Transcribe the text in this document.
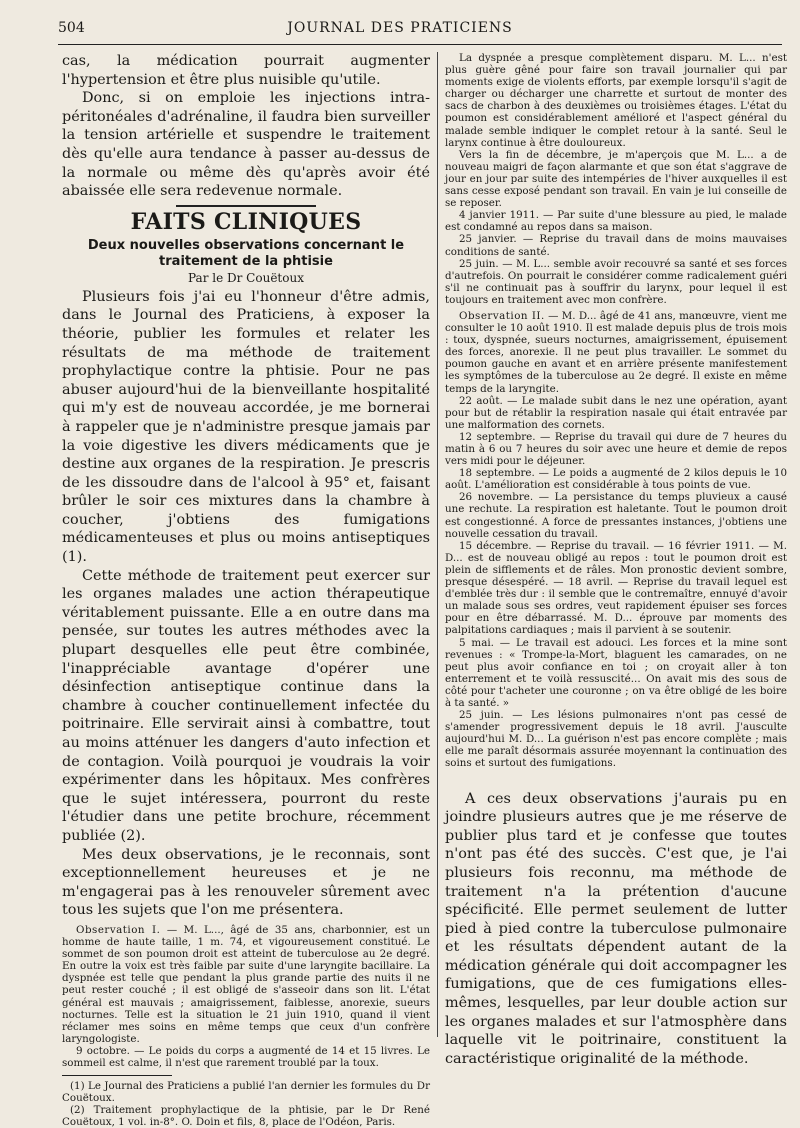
504	JOURNAL DES PRATICIENS

cas, la médication pourrait augmenter l'hypertension et être plus nuisible qu'utile.

Donc, si on emploie les injections intra-péritonéales d'adrénaline, il faudra bien surveiller la tension artérielle et suspendre le traitement dès qu'elle aura tendance à passer au-dessus de la normale ou même dès qu'après avoir été abaissée elle sera redevenue normale.

FAITS CLINIQUES
Deux nouvelles observations concernant le traitement de la phtisie
Par le Dr Couëtoux

Plusieurs fois j'ai eu l'honneur d'être admis, dans le Journal des Praticiens, à exposer la théorie, publier les formules et relater les résultats de ma méthode de traitement prophylactique contre la phtisie. Pour ne pas abuser aujourd'hui de la bienveillante hospitalité qui m'y est de nouveau accordée, je me bornerai à rappeler que je n'administre presque jamais par la voie digestive les divers médicaments que je destine aux organes de la respiration. Je prescris de les dissoudre dans de l'alcool à 95° et, faisant brûler le soir ces mixtures dans la chambre à coucher, j'obtiens des fumigations médicamenteuses et plus ou moins antiseptiques (1).

Cette méthode de traitement peut exercer sur les organes malades une action thérapeutique véritablement puissante. Elle a en outre dans ma pensée, sur toutes les autres méthodes avec la plupart desquelles elle peut être combinée, l'inappréciable avantage d'opérer une désinfection antiseptique continue dans la chambre à coucher continuellement infectée du poitrinaire. Elle servirait ainsi à combattre, tout au moins atténuer les dangers d'auto infection et de contagion. Voilà pourquoi je voudrais la voir expérimenter dans les hôpitaux. Mes confrères que le sujet intéressera, pourront du reste l'étudier dans une petite brochure, récemment publiée (2).

Mes deux observations, je le reconnais, sont exceptionnellement heureuses et je ne m'engagerai pas à les renouveler sûrement avec tous les sujets que l'on me présentera.

Observation I. — M. L..., âgé de 35 ans, charbonnier, est un homme de haute taille, 1 m. 74, et vigoureusement constitué. Le sommet de son poumon droit est atteint de tuberculose au 2e degré. En outre la voix est très faible par suite d'une laryngite bacillaire. La dyspnée est telle que pendant la plus grande partie des nuits il ne peut rester couché ; il est obligé de s'asseoir dans son lit. L'état général est mauvais ; amaigrissement, faiblesse, anorexie, sueurs nocturnes. Telle est la situation le 21 juin 1910, quand il vient réclamer mes soins en même temps que ceux d'un confrère laryngologiste.

9 octobre. — Le poids du corps a augmenté de 14 et 15 livres. Le sommeil est calme, il n'est que rarement troublé par la toux.

(1) Le Journal des Praticiens a publié l'an dernier les formules du Dr Couëtoux.

(2) Traitement prophylactique de la phtisie, par le Dr René Couëtoux, 1 vol. in-8°. O. Doin et fils, 8, place de l'Odéon, Paris.

La dyspnée a presque complètement disparu. M. L... n'est plus guère gêné pour faire son travail journalier qui par moments exige de violents efforts, par exemple lorsqu'il s'agit de charger ou décharger une charrette et surtout de monter des sacs de charbon à des deuxièmes ou troisièmes étages. L'état du poumon est considérablement amélioré et l'aspect général du malade semble indiquer le complet retour à la santé. Seul le larynx continue à être douloureux.

Vers la fin de décembre, je m'aperçois que M. L... a de nouveau maigri de façon alarmante et que son état s'aggrave de jour en jour par suite des intempéries de l'hiver auxquelles il est sans cesse exposé pendant son travail. En vain je lui conseille de se reposer.

4 janvier 1911. — Par suite d'une blessure au pied, le malade est condamné au repos dans sa maison.

25 janvier. — Reprise du travail dans de moins mauvaises conditions de santé.

25 juin. — M. L... semble avoir recouvré sa santé et ses forces d'autrefois. On pourrait le considérer comme radicalement guéri s'il ne continuait pas à souffrir du larynx, pour lequel il est toujours en traitement avec mon confrère.

Observation II. — M. D... âgé de 41 ans, manœuvre, vient me consulter le 10 août 1910. Il est malade depuis plus de trois mois : toux, dyspnée, sueurs nocturnes, amaigrissement, épuisement des forces, anorexie. Il ne peut plus travailler. Le sommet du poumon gauche en avant et en arrière présente manifestement les symptômes de la tuberculose au 2e degré. Il existe en même temps de la laryngite.

22 août. — Le malade subit dans le nez une opération, ayant pour but de rétablir la respiration nasale qui était entravée par une malformation des cornets.

12 septembre. — Reprise du travail qui dure de 7 heures du matin à 6 ou 7 heures du soir avec une heure et demie de repos vers midi pour le déjeuner.

18 septembre. — Le poids a augmenté de 2 kilos depuis le 10 août. L'amélioration est considérable à tous points de vue.

26 novembre. — La persistance du temps pluvieux a causé une rechute. La respiration est haletante. Tout le poumon droit est congestionné. A force de pressantes instances, j'obtiens une nouvelle cessation du travail.

15 décembre. — Reprise du travail. — 16 février 1911. — M. D... est de nouveau obligé au repos : tout le poumon droit est plein de sifflements et de râles. Mon pronostic devient sombre, presque désespéré. — 18 avril. — Reprise du travail lequel est d'emblée très dur : il semble que le contremaître, ennuyé d'avoir un malade sous ses ordres, veut rapidement épuiser ses forces pour en être débarrassé. M. D... éprouve par moments des palpitations cardiaques ; mais il parvient à se soutenir.

5 mai. — Le travail est adouci. Les forces et la mine sont revenues : « Trompe-la-Mort, blaguent les camarades, on ne peut plus avoir confiance en toi ; on croyait aller à ton enterrement et te voilà ressuscité... On avait mis des sous de côté pour t'acheter une couronne ; on va être obligé de les boire à ta santé. »

25 juin. — Les lésions pulmonaires n'ont pas cessé de s'amender progressivement depuis le 18 avril. J'ausculte aujourd'hui M. D... La guérison n'est pas encore complète ; mais elle me paraît désormais assurée moyennant la continuation des soins et surtout des fumigations.

A ces deux observations j'aurais pu en joindre plusieurs autres que je me réserve de publier plus tard et je confesse que toutes n'ont pas été des succès. C'est que, je l'ai plusieurs fois reconnu, ma méthode de traitement n'a la prétention d'aucune spécificité. Elle permet seulement de lutter pied à pied contre la tuberculose pulmonaire et les résultats dépendent autant de la médication générale qui doit accompagner les fumigations, que de ces fumigations elles-mêmes, lesquelles, par leur double action sur les organes malades et sur l'atmosphère dans laquelle vit le poitrinaire, constituent la caractéristique originalité de la méthode.
